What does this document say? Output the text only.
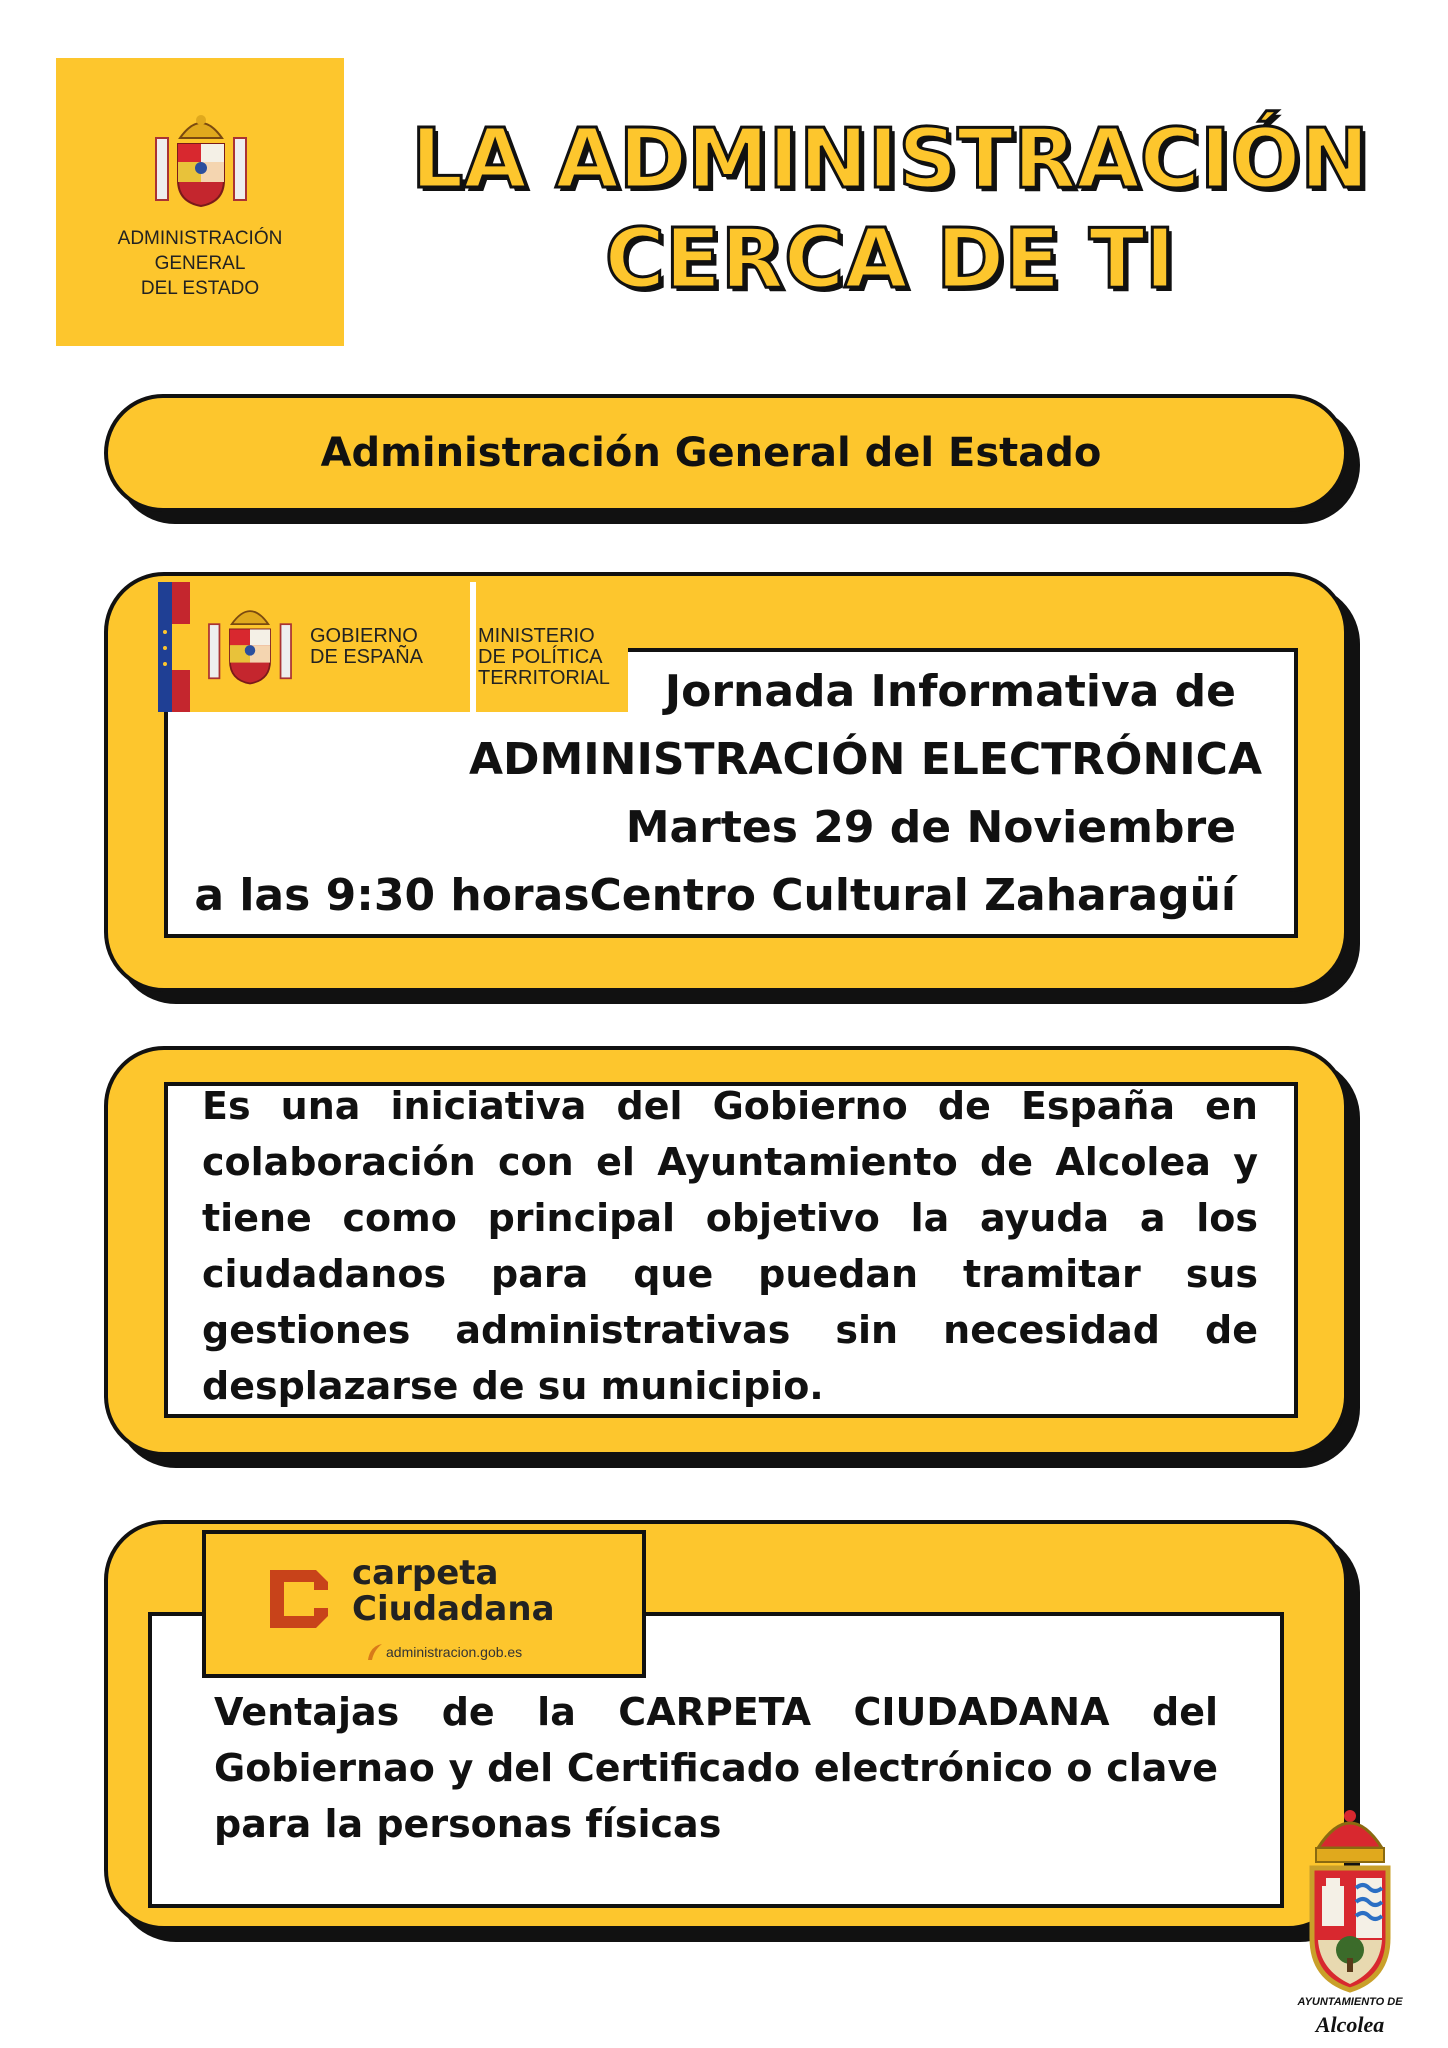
ADMINISTRACIÓN
GENERAL
DEL ESTADO
LA ADMINISTRACIÓN
CERCA DE TI
Administración General del Estado
GOBIERNO
DE ESPAÑA
MINISTERIO
DE POLÍTICA
TERRITORIAL	Jornada Informativa de
ADMINISTRACIÓN ELECTRÓNICA
Martes 29 de Noviembre
a las 9:30 horasCentro Cultural Zaharagüí
Es una iniciativa del Gobierno de España en colaboración con el Ayuntamiento de Alcolea y tiene como principal objetivo la ayuda a los ciudadanos para que puedan tramitar sus gestiones administrativas sin necesidad de desplazarse de su municipio.
carpeta
Ciudadana
administracion.gob.es
Ventajas de la CARPETA CIUDADANA del Gobiernao y del Certificado electrónico o clave para la personas físicas
AYUNTAMIENTO DE
Alcolea
